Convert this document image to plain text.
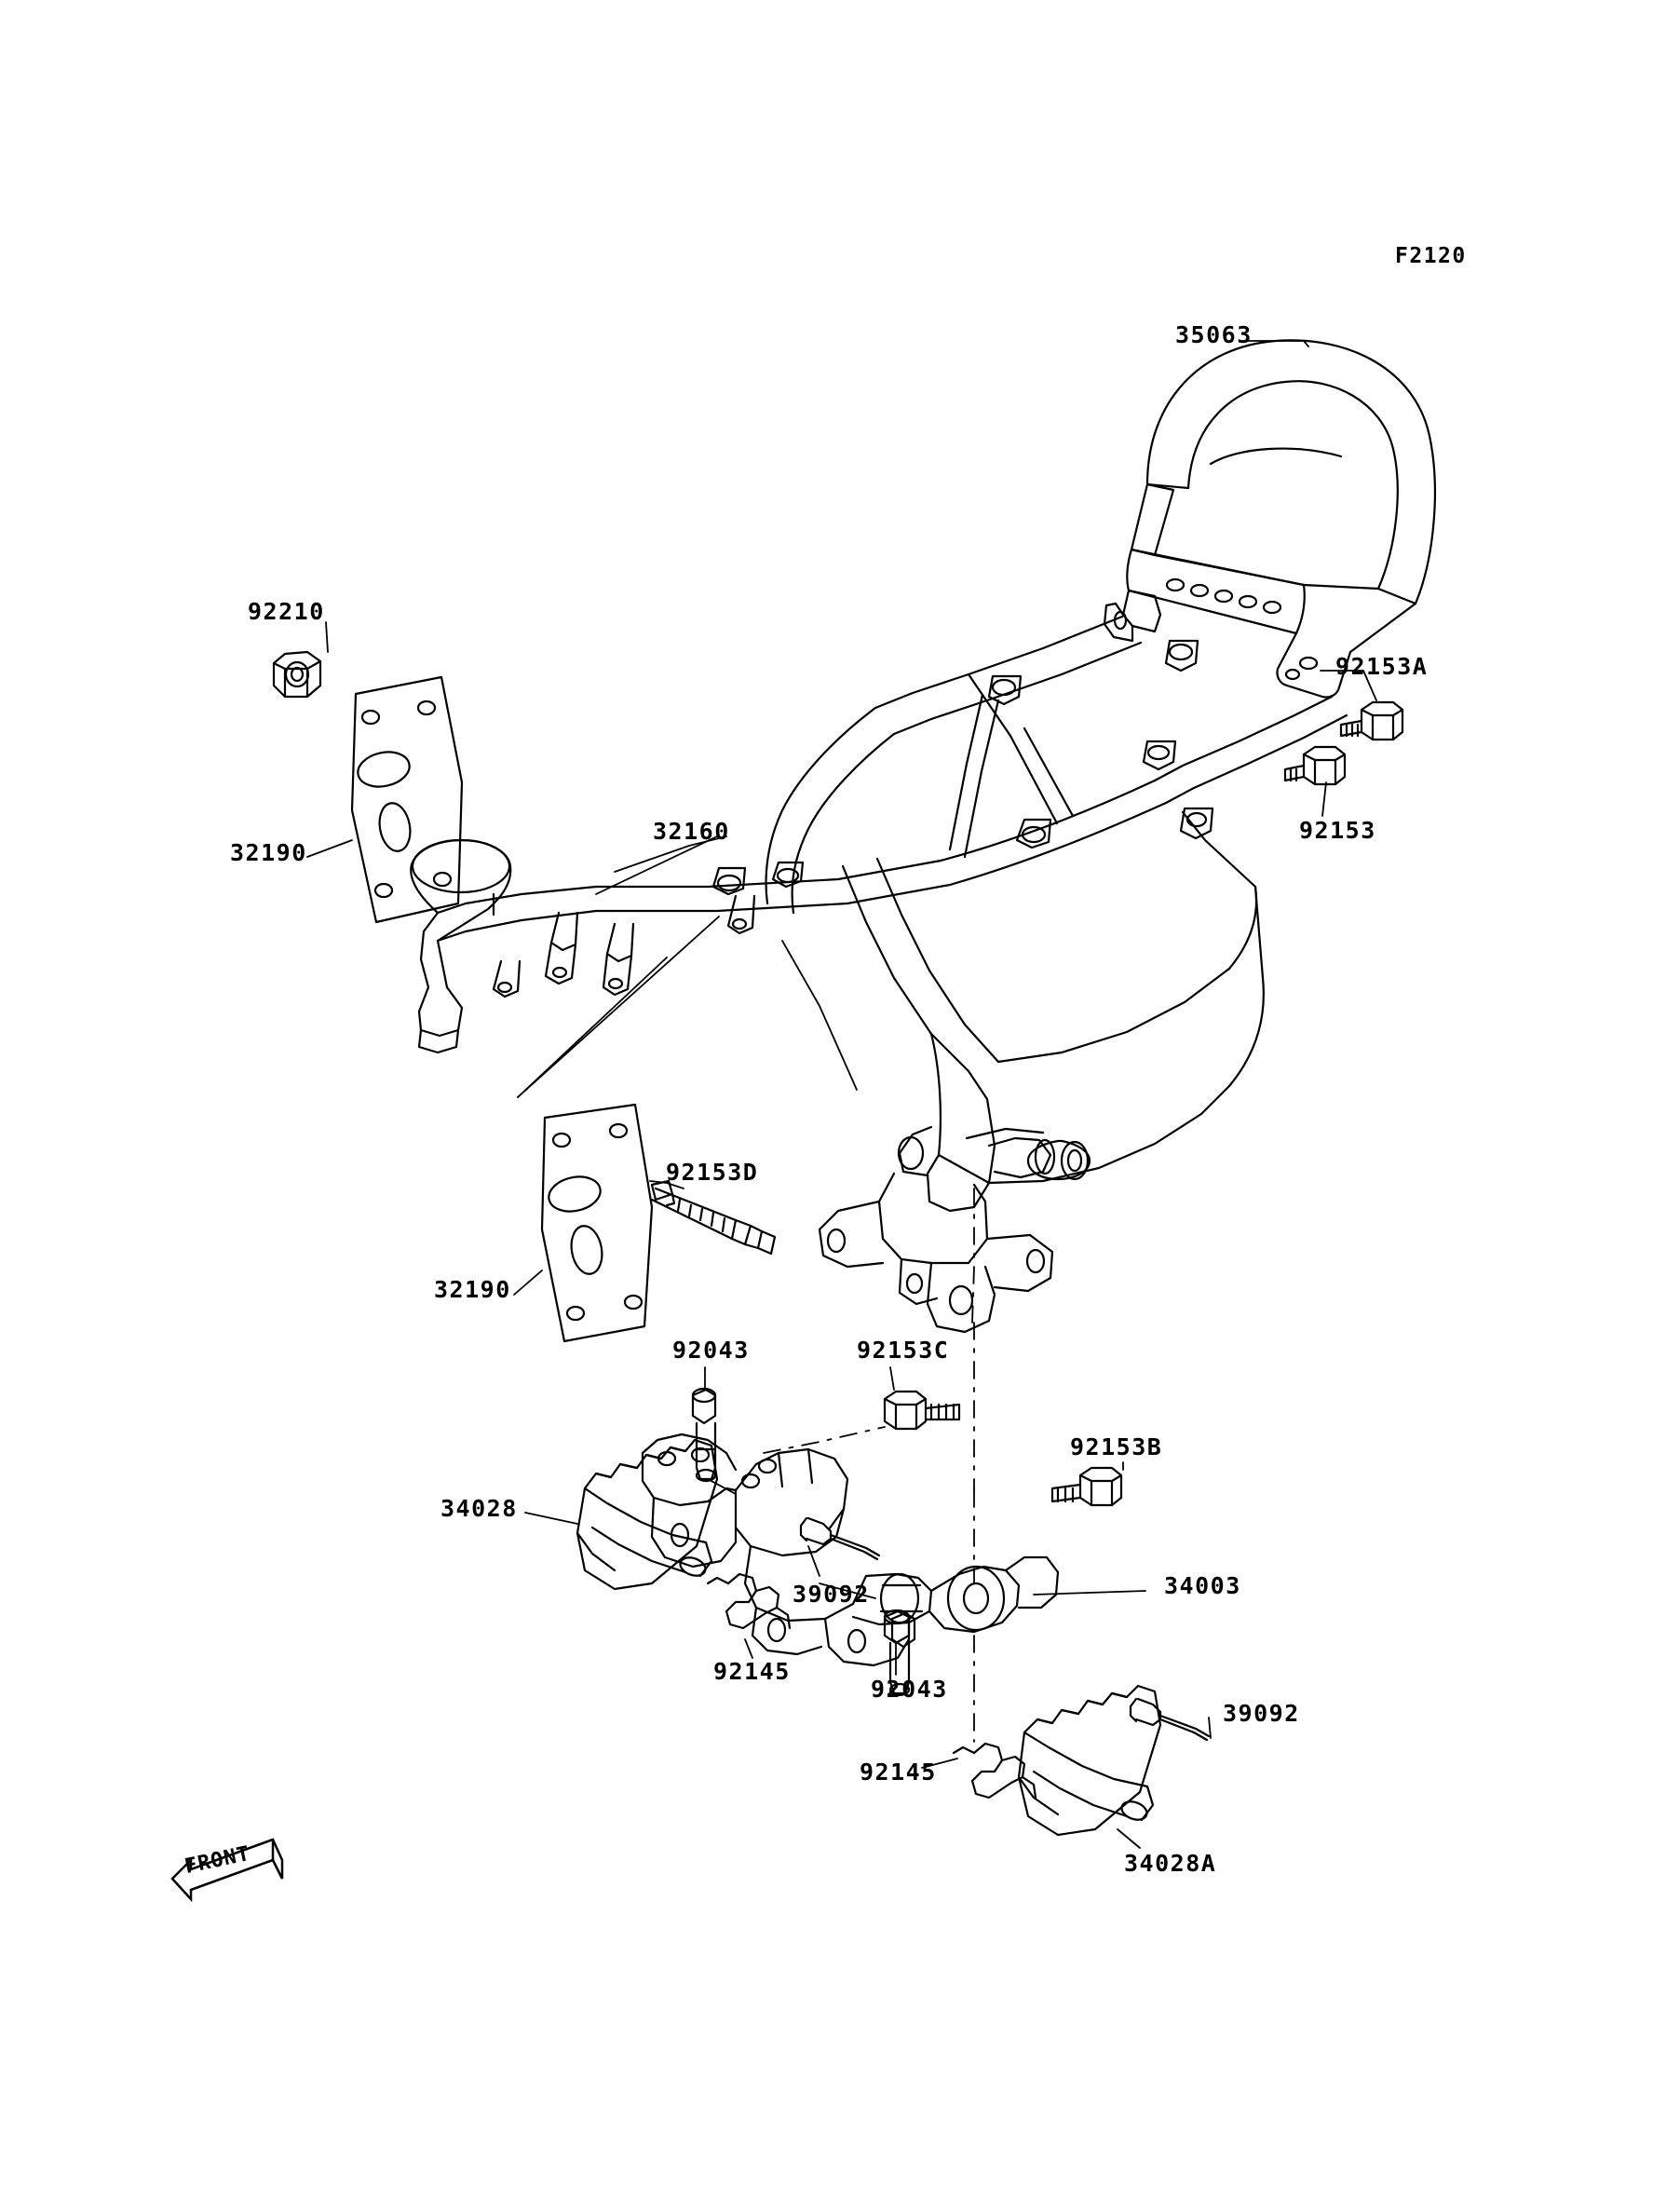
FRONT
F2120
35063
92210
92153A
32190
32160	92153
92153D
32190
92043	92153C
92153B
34028
34003
39092
92145
92043
39092
92145
34028A
